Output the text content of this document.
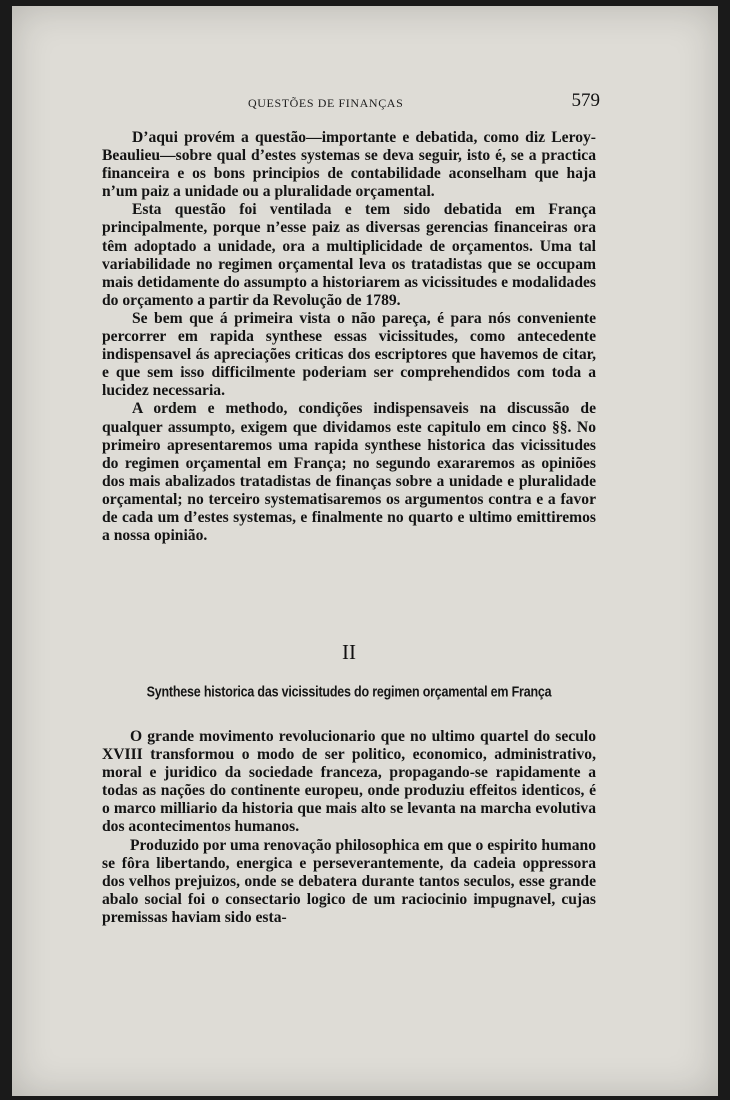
QUESTÕES DE FINANÇAS	579

D’aqui provém a questão—importante e debatida, como diz Leroy-Beaulieu—sobre qual d’estes systemas se deva seguir, isto é, se a practica financeira e os bons principios de contabilidade aconselham que haja n’um paiz a unidade ou a pluralidade orçamental.

Esta questão foi ventilada e tem sido debatida em França principalmente, porque n’esse paiz as diversas gerencias financeiras ora têm adoptado a unidade, ora a multiplicidade de orçamentos. Uma tal variabilidade no regimen orçamental leva os tratadistas que se occupam mais detidamente do assumpto a historiarem as vicissitudes e modalidades do orçamento a partir da Revolução de 1789.

Se bem que á primeira vista o não pareça, é para nós conveniente percorrer em rapida synthese essas vicissitudes, como antecedente indispensavel ás apreciações criticas dos escriptores que havemos de citar, e que sem isso difficilmente poderiam ser comprehendidos com toda a lucidez necessaria.

A ordem e methodo, condições indispensaveis na discussão de qualquer assumpto, exigem que dividamos este capitulo em cinco §§. No primeiro apresentaremos uma rapida synthese historica das vicissitudes do regimen orçamental em França; no segundo exararemos as opiniões dos mais abalizados tratadistas de finanças sobre a unidade e pluralidade orçamental; no terceiro systematisaremos os argumentos contra e a favor de cada um d’estes systemas, e finalmente no quarto e ultimo emittiremos a nossa opinião.

II
Synthese historica das vicissitudes do regimen orçamental em França

O grande movimento revolucionario que no ultimo quartel do seculo XVIII transformou o modo de ser politico, economico, administrativo, moral e juridico da sociedade franceza, propagando-se rapidamente a todas as nações do continente europeu, onde produziu effeitos identicos, é o marco milliario da historia que mais alto se levanta na marcha evolutiva dos acontecimentos humanos.

Produzido por uma renovação philosophica em que o espirito humano se fôra libertando, energica e perseverantemente, da cadeia oppressora dos velhos prejuizos, onde se debatera durante tantos seculos, esse grande abalo social foi o consectario logico de um raciocinio impugnavel, cujas premissas haviam sido esta-
